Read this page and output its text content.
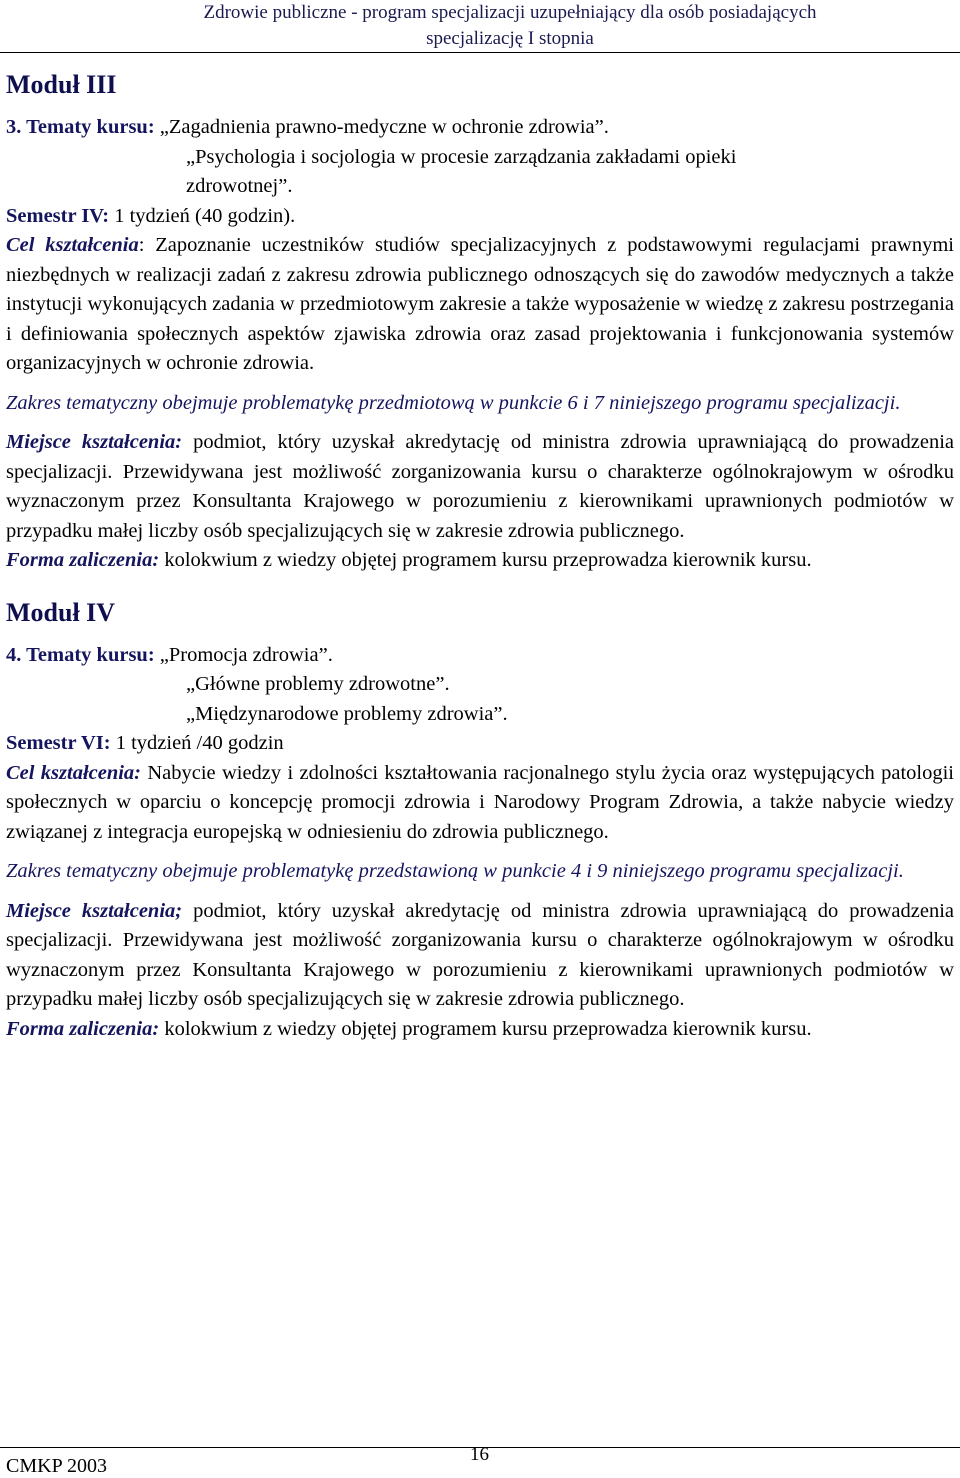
Zdrowie publiczne - program specjalizacji uzupełniający dla osób posiadających
specjalizację I stopnia
Moduł III

3. Tematy kursu: „Zagadnienia prawno-medyczne w ochronie zdrowia”.

„Psychologia i socjologia w procesie zarządzania zakładami opieki

zdrowotnej”.

Semestr IV: 1 tydzień (40 godzin).

Cel kształcenia: Zapoznanie uczestników studiów specjalizacyjnych z podstawowymi regulacjami prawnymi niezbędnych w realizacji zadań z zakresu zdrowia publicznego odnoszących się do zawodów medycznych a także instytucji wykonujących zadania w przedmiotowym zakresie a także wyposażenie w wiedzę z zakresu postrzegania i definiowania społecznych aspektów zjawiska zdrowia oraz zasad projektowania i funkcjonowania systemów organizacyjnych w ochronie zdrowia.

Zakres tematyczny obejmuje problematykę przedmiotową w punkcie 6 i 7 niniejszego programu specjalizacji.

Miejsce kształcenia: podmiot, który uzyskał akredytację od ministra zdrowia uprawniającą do prowadzenia specjalizacji. Przewidywana jest możliwość zorganizowania kursu o charakterze ogólnokrajowym w ośrodku wyznaczonym przez Konsultanta Krajowego w porozumieniu z kierownikami uprawnionych podmiotów w przypadku małej liczby osób specjalizujących się w zakresie zdrowia publicznego.

Forma zaliczenia: kolokwium z wiedzy objętej programem kursu przeprowadza kierownik kursu.

Moduł IV

4. Tematy kursu: „Promocja zdrowia”.

„Główne problemy zdrowotne”.

„Międzynarodowe problemy zdrowia”.

Semestr VI: 1 tydzień /40 godzin

Cel kształcenia: Nabycie wiedzy i zdolności kształtowania racjonalnego stylu życia oraz występujących patologii społecznych w oparciu o koncepcję promocji zdrowia i Narodowy Program Zdrowia, a także nabycie wiedzy związanej z integracja europejską w odniesieniu do zdrowia publicznego.

Zakres tematyczny obejmuje problematykę przedstawioną w punkcie 4 i 9 niniejszego programu specjalizacji.

Miejsce kształcenia; podmiot, który uzyskał akredytację od ministra zdrowia uprawniającą do prowadzenia specjalizacji. Przewidywana jest możliwość zorganizowania kursu o charakterze ogólnokrajowym w ośrodku wyznaczonym przez Konsultanta Krajowego w porozumieniu z kierownikami uprawnionych podmiotów w przypadku małej liczby osób specjalizujących się w zakresie zdrowia publicznego.

Forma zaliczenia: kolokwium z wiedzy objętej programem kursu przeprowadza kierownik kursu.

CMKP 2003
16
